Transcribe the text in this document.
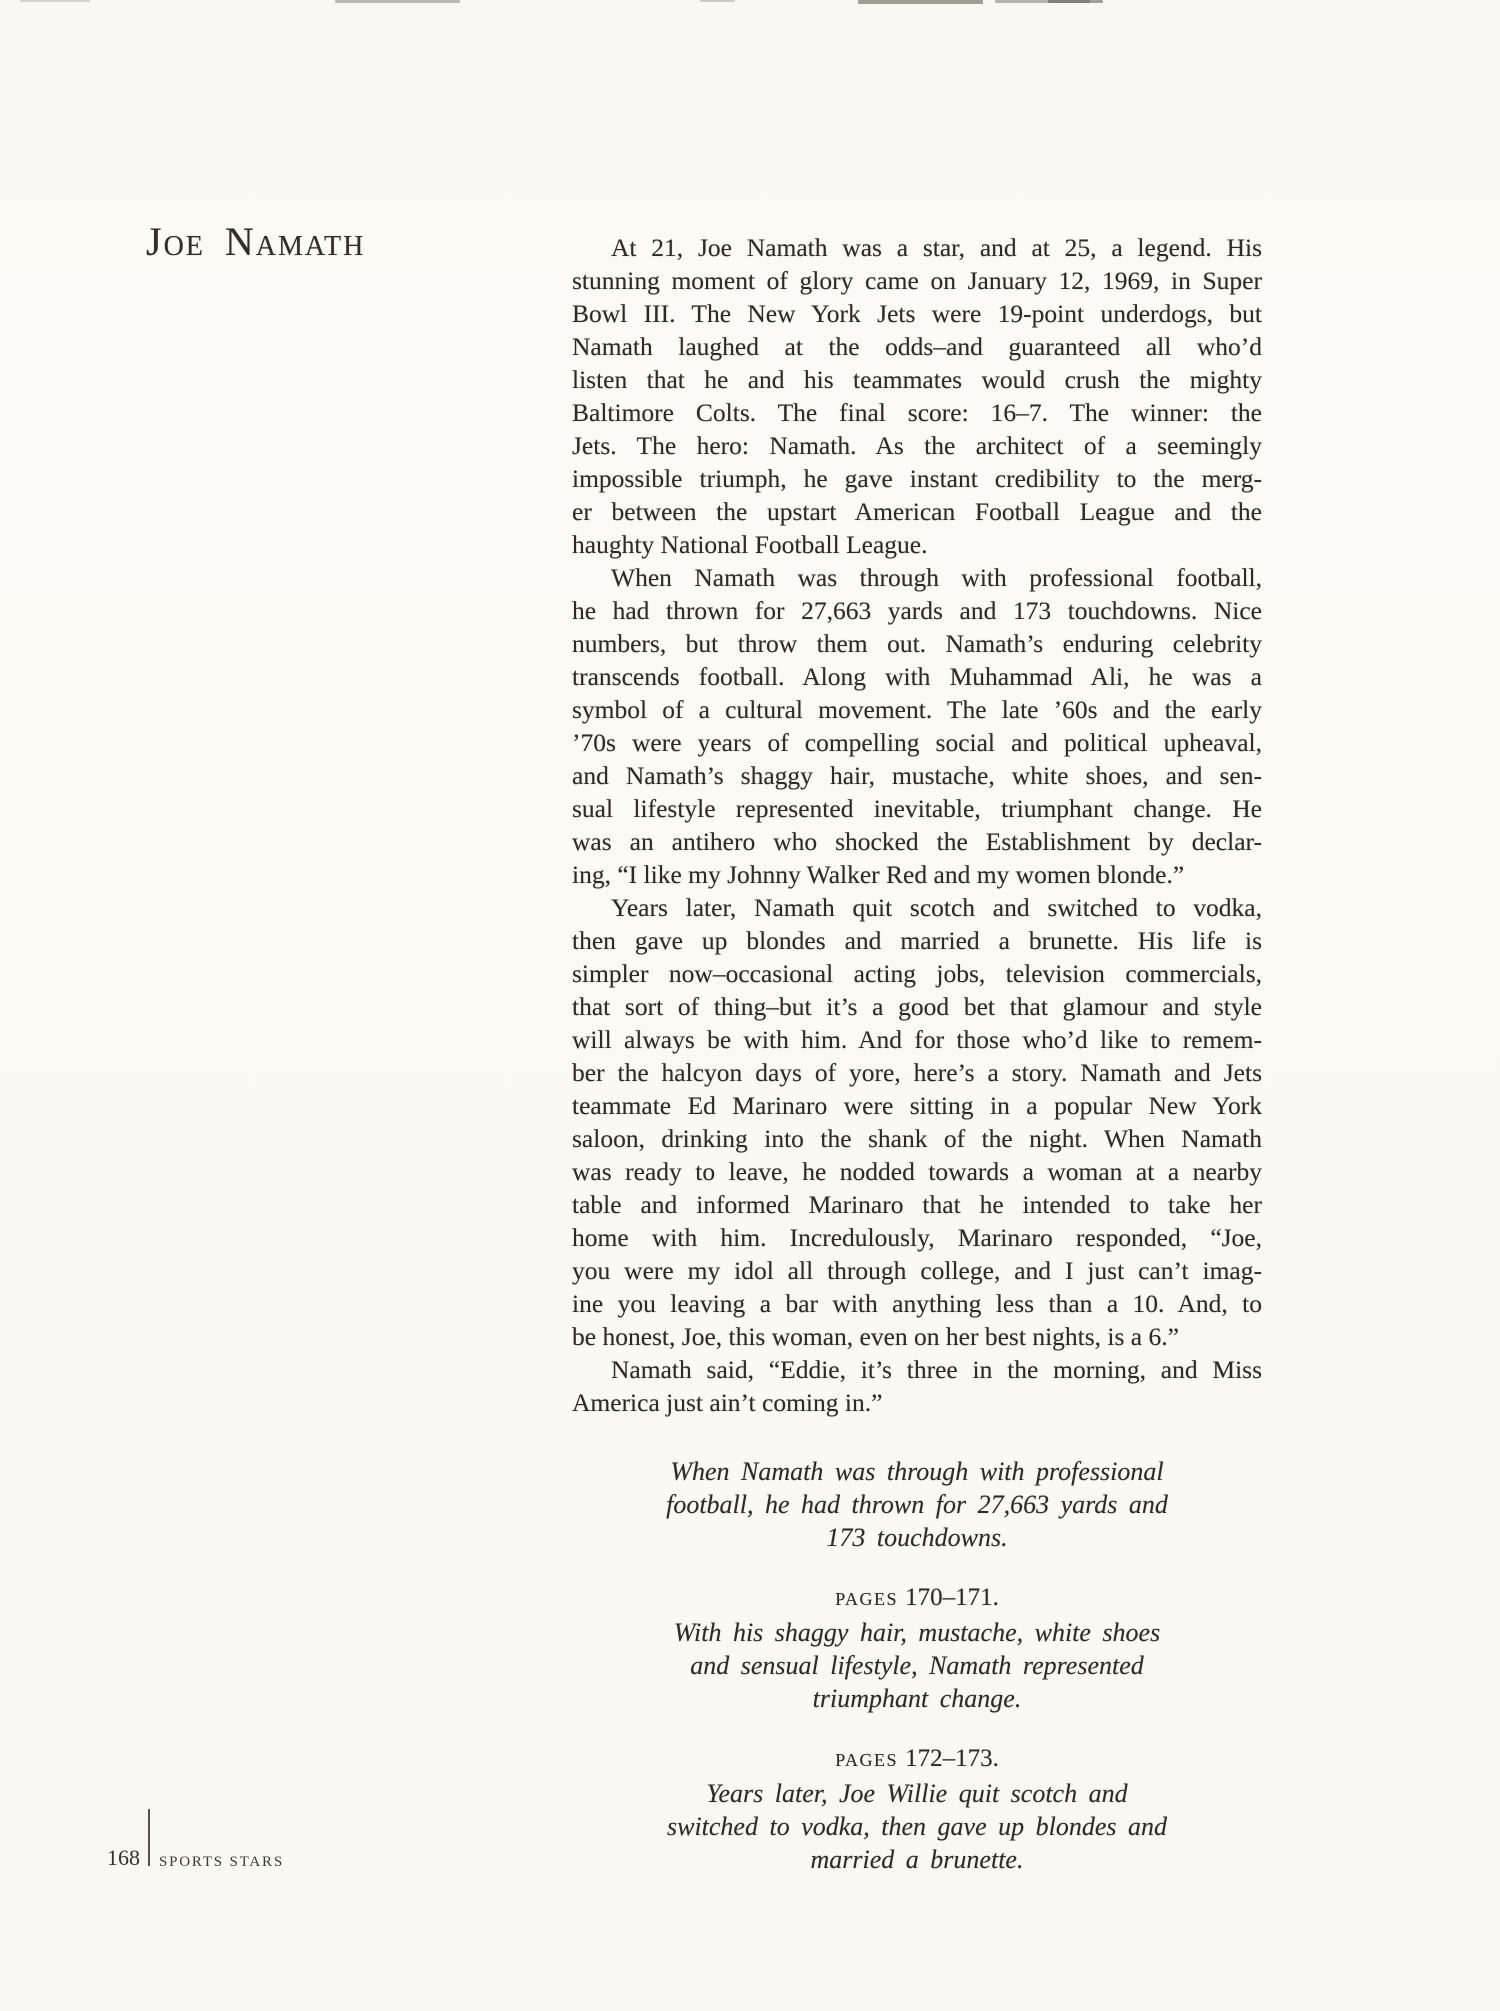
Joe Namath	At 21, Joe Namath was a star, and at 25, a legend. His
stunning moment of glory came on January 12, 1969, in Super
Bowl III. The New York Jets were 19-point underdogs, but
Namath laughed at the odds–and guaranteed all who’d
listen that he and his teammates would crush the mighty
Baltimore Colts. The final score: 16–7. The winner: the
Jets. The hero: Namath. As the architect of a seemingly
impossible triumph, he gave instant credibility to the merg-
er between the upstart American Football League and the
haughty National Football League.
When Namath was through with professional football,
he had thrown for 27,663 yards and 173 touchdowns. Nice
numbers, but throw them out. Namath’s enduring celebrity
transcends football. Along with Muhammad Ali, he was a
symbol of a cultural movement. The late ’60s and the early
’70s were years of compelling social and political upheaval,
and Namath’s shaggy hair, mustache, white shoes, and sen-
sual lifestyle represented inevitable, triumphant change. He
was an antihero who shocked the Establishment by declar-
ing, “I like my Johnny Walker Red and my women blonde.”
Years later, Namath quit scotch and switched to vodka,
then gave up blondes and married a brunette. His life is
simpler now–occasional acting jobs, television commercials,
that sort of thing–but it’s a good bet that glamour and style
will always be with him. And for those who’d like to remem-
ber the halcyon days of yore, here’s a story. Namath and Jets
teammate Ed Marinaro were sitting in a popular New York
saloon, drinking into the shank of the night. When Namath
was ready to leave, he nodded towards a woman at a nearby
table and informed Marinaro that he intended to take her
home with him. Incredulously, Marinaro responded, “Joe,
you were my idol all through college, and I just can’t imag-
ine you leaving a bar with anything less than a 10. And, to
be honest, Joe, this woman, even on her best nights, is a 6.”
Namath said, “Eddie, it’s three in the morning, and Miss
America just ain’t coming in.”
When Namath was through with professional
football, he had thrown for 27,663 yards and
173 touchdowns.
PAGES 170–171.
With his shaggy hair, mustache, white shoes
and sensual lifestyle, Namath represented
triumphant change.
PAGES 172–173.
Years later, Joe Willie quit scotch and
switched to vodka, then gave up blondes and
married a brunette.
168 SPORTS STARS
